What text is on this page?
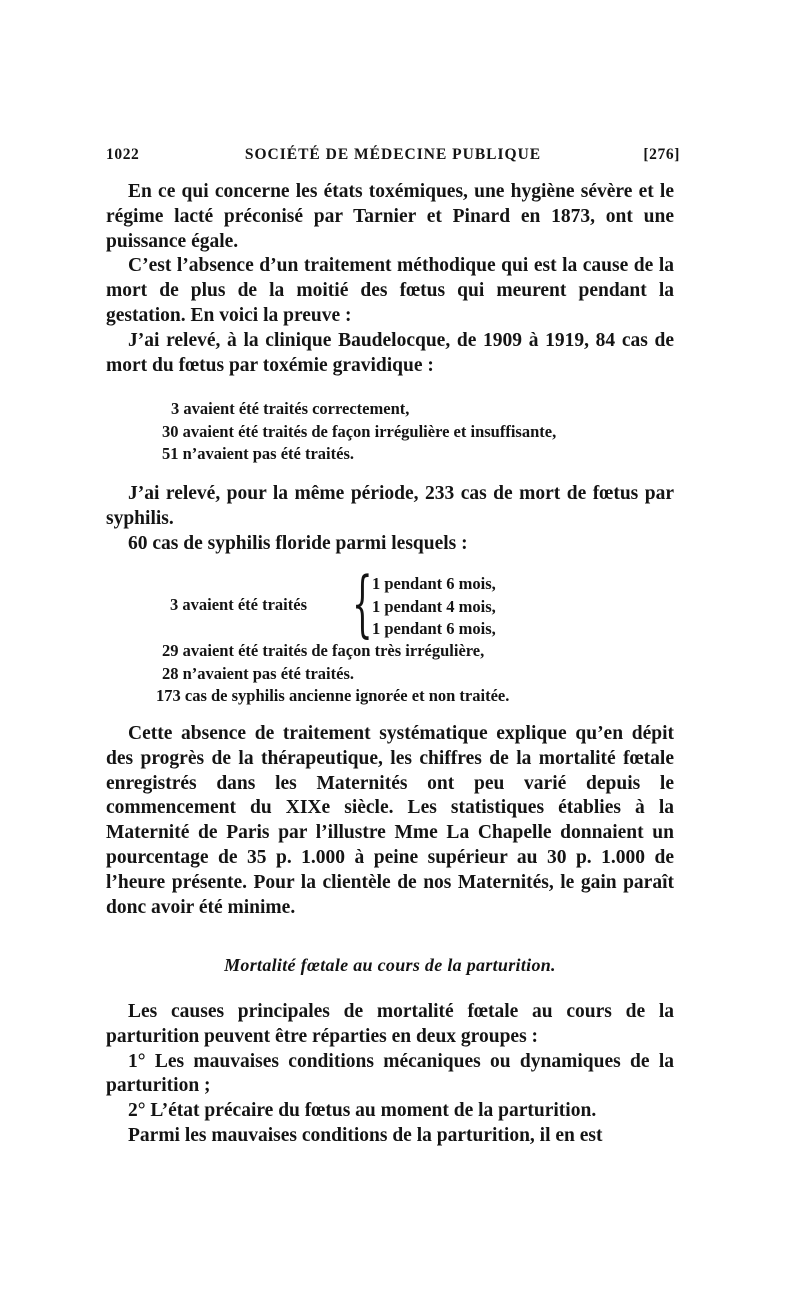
1022	SOCIÉTÉ DE MÉDECINE PUBLIQUE	[276]

En ce qui concerne les états toxémiques, une hygiène sévère et le régime lacté préconisé par Tarnier et Pinard en 1873, ont une puissance égale.

C’est l’absence d’un traitement méthodique qui est la cause de la mort de plus de la moitié des fœtus qui meurent pendant la gestation. En voici la preuve :

J’ai relevé, à la clinique Baudelocque, de 1909 à 1919, 84 cas de mort du fœtus par toxémie gravidique :

3 avaient été traités correctement,
30 avaient été traités de façon irrégulière et insuffisante,
51 n’avaient pas été traités.

J’ai relevé, pour la même période, 233 cas de mort de fœtus par syphilis.

60 cas de syphilis floride parmi lesquels :

3 avaient été traités { 1 pendant 6 mois,
1 pendant 4 mois,
1 pendant 6 mois,
29 avaient été traités de façon très irrégulière,
28 n’avaient pas été traités.
173 cas de syphilis ancienne ignorée et non traitée.

Cette absence de traitement systématique explique qu’en dépit des progrès de la thérapeutique, les chiffres de la mortalité fœtale enregistrés dans les Maternités ont peu varié depuis le commencement du XIXe siècle. Les statistiques établies à la Maternité de Paris par l’illustre Mme La Chapelle donnaient un pourcentage de 35 p. 1.000 à peine supérieur au 30 p. 1.000 de l’heure présente. Pour la clientèle de nos Maternités, le gain paraît donc avoir été minime.

Mortalité fœtale au cours de la parturition.

Les causes principales de mortalité fœtale au cours de la parturition peuvent être réparties en deux groupes :

1° Les mauvaises conditions mécaniques ou dynamiques de la parturition ;

2° L’état précaire du fœtus au moment de la parturition.

Parmi les mauvaises conditions de la parturition, il en est
